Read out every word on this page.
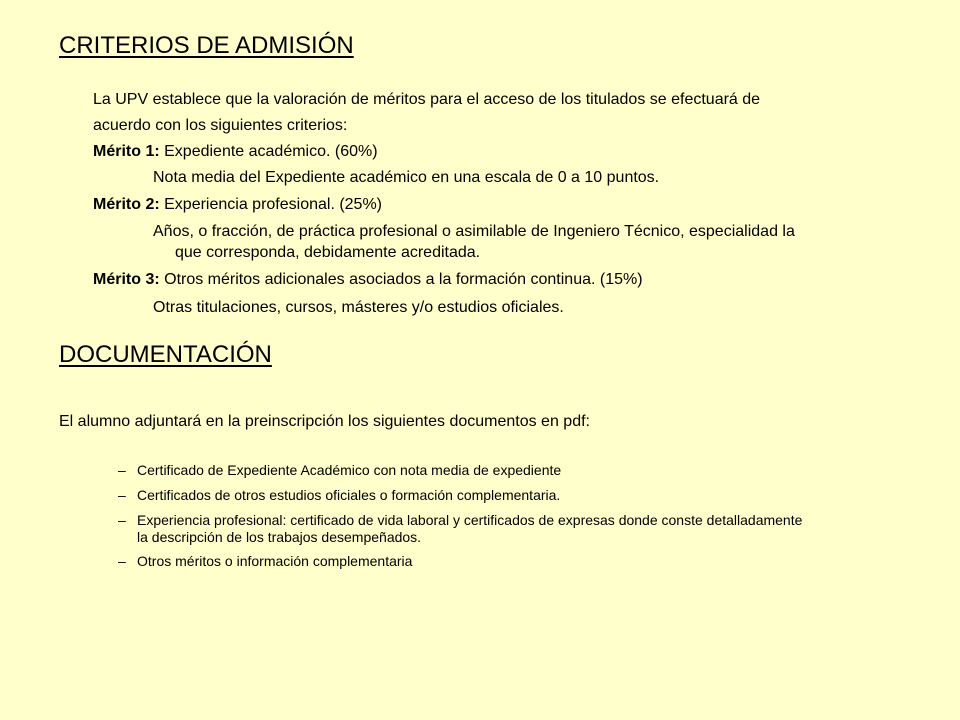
CRITERIOS DE ADMISIÓN

La UPV establece que la valoración de méritos para el acceso de los titulados se efectuará de

acuerdo con los siguientes criterios:

Mérito 1: Expediente académico. (60%)

Nota media del Expediente académico en una escala de 0 a 10 puntos.

Mérito 2: Experiencia profesional. (25%)

Años, o fracción, de práctica profesional o asimilable de Ingeniero Técnico, especialidad la

que corresponda, debidamente acreditada.

Mérito 3: Otros méritos adicionales asociados a la formación continua. (15%)

Otras titulaciones, cursos, másteres y/o estudios oficiales.

DOCUMENTACIÓN

El alumno adjuntará en la preinscripción los siguientes documentos en pdf:

– Certificado de Expediente Académico con nota media de expediente
– Certificados de otros estudios oficiales o formación complementaria.
– Experiencia profesional: certificado de vida laboral y certificados de expresas donde conste detalladamente
la descripción de los trabajos desempeñados.
– Otros méritos o información complementaria
